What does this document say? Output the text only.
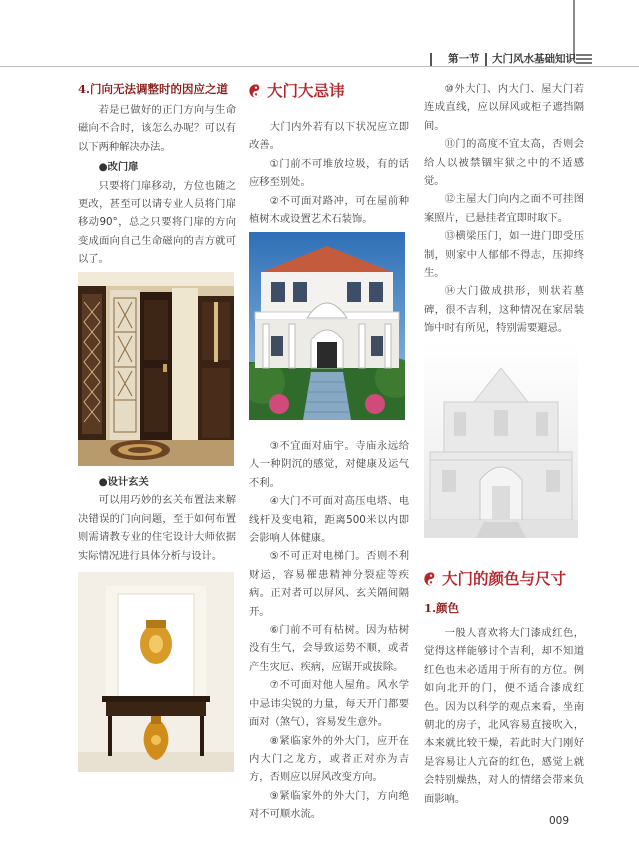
第一节 大门风水基础知识
4.门向无法调整时的因应之道

若是已做好的正门方向与生命磁向不合时，该怎么办呢？可以有以下两种解决办法。

●改门扉

只要将门扉移动，方位也随之更改，甚至可以请专业人员将门扉移动90°，总之只要将门扉的方向变成面向自己生命磁向的吉方就可以了。

●设计玄关

可以用巧妙的玄关布置法来解决错误的门向问题，至于如何布置则需请教专业的住宅设计大师依据实际情况进行具体分析与设计。

大门大忌讳

大门内外若有以下状况应立即改善。

①门前不可堆放垃圾，有的话应移至别处。

②不可面对路冲，可在屋前种植树木或设置艺术石装饰。

③不宜面对庙宇。寺庙永远给人一种阴沉的感觉，对健康及运气不利。

④大门不可面对高压电塔、电线杆及变电箱，距离500米以内即会影响人体健康。

⑤不可正对电梯门。否则不利财运，容易罹患精神分裂症等疾病。正对者可以屏风、玄关隔间隔开。

⑥门前不可有枯树。因为枯树没有生气，会导致运势不顺，或者产生灾厄、疾病，应锯开或拔除。

⑦不可面对他人屋角。风水学中忌讳尖锐的力量，每天开门都要面对（煞气），容易发生意外。

⑧紧临家外的外大门，应开在内大门之龙方，或者正对亦为吉方，否则应以屏风改变方向。

⑨紧临家外的外大门，方向绝对不可顺水流。

⑩外大门、内大门、屋大门若连成直线，应以屏风或柜子遮挡隔间。

⑪门的高度不宜太高，否则会给人以被禁锢牢狱之中的不适感觉。

⑫主屋大门向内之面不可挂图案照片，已悬挂者宜即时取下。

⑬横梁压门，如一进门即受压制，则家中人郁郁不得志，压抑终生。

⑭大门做成拱形，则状若墓碑，很不吉利，这种情况在家居装饰中时有所见，特别需要避忌。

大门的颜色与尺寸
1.颜色

一般人喜欢将大门漆成红色，觉得这样能够讨个吉利，却不知道红色也未必适用于所有的方位。例如向北开的门，便不适合漆成红色。因为以科学的观点来看，坐南朝北的房子，北风容易直接吹入，本来就比较干燥，若此时大门刚好是容易让人亢奋的红色，感觉上就会特别燥热，对人的情绪会带来负面影响。

009
